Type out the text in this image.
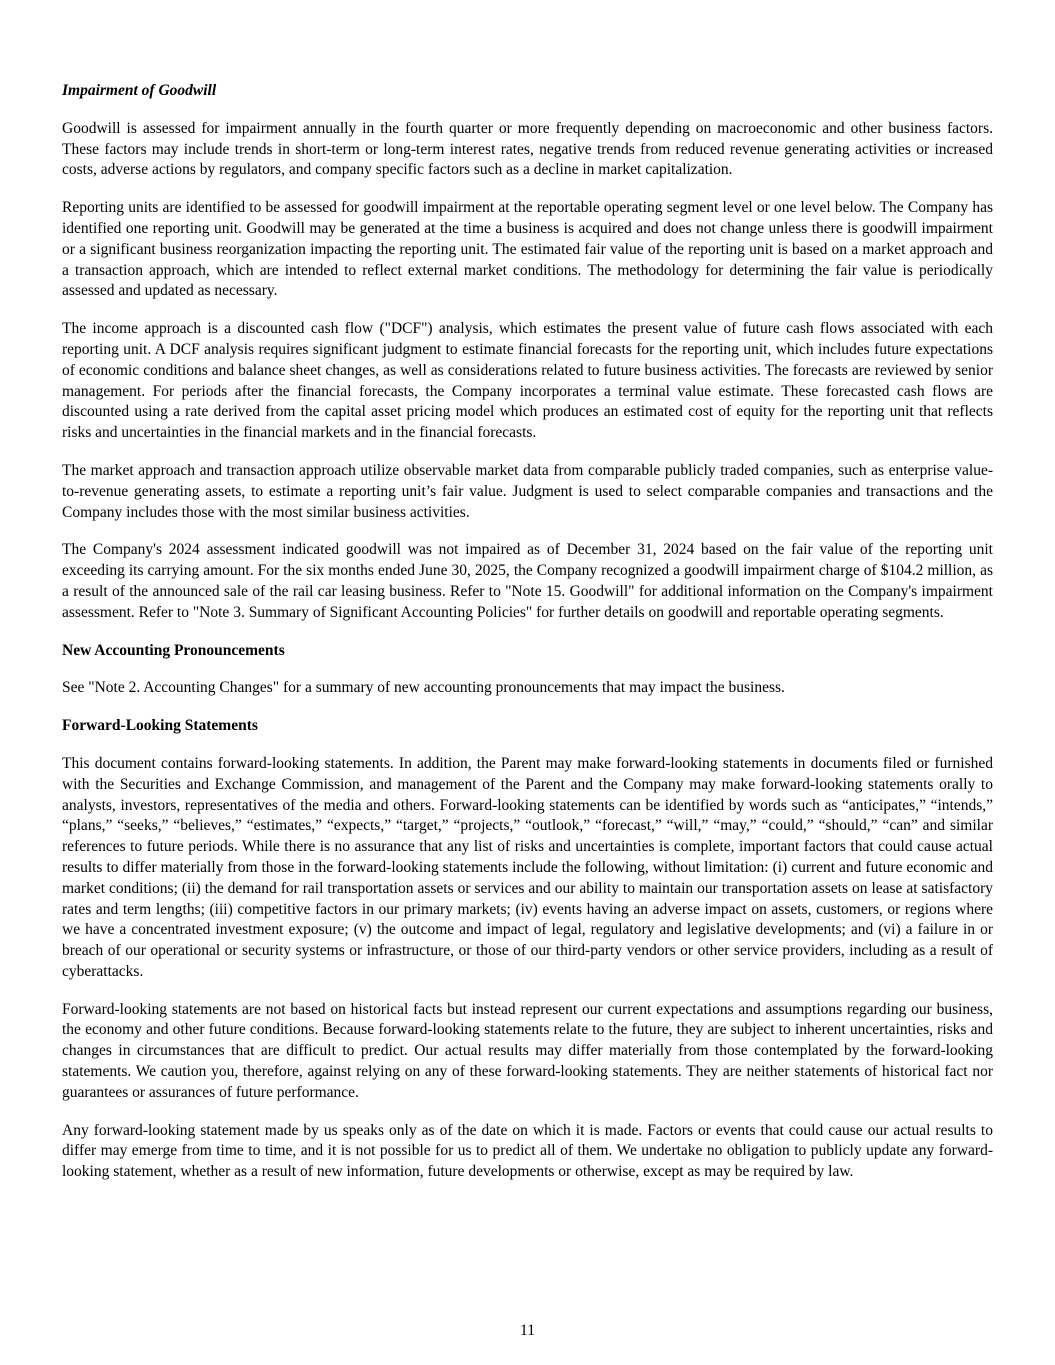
Impairment of Goodwill

Goodwill is assessed for impairment annually in the fourth quarter or more frequently depending on macroeconomic and other business factors. These factors may include trends in short-term or long-term interest rates, negative trends from reduced revenue generating activities or increased costs, adverse actions by regulators, and company specific factors such as a decline in market capitalization.

Reporting units are identified to be assessed for goodwill impairment at the reportable operating segment level or one level below. The Company has identified one reporting unit. Goodwill may be generated at the time a business is acquired and does not change unless there is goodwill impairment or a significant business reorganization impacting the reporting unit. The estimated fair value of the reporting unit is based on a market approach and a transaction approach, which are intended to reflect external market conditions. The methodology for determining the fair value is periodically assessed and updated as necessary.

The income approach is a discounted cash flow ("DCF") analysis, which estimates the present value of future cash flows associated with each reporting unit. A DCF analysis requires significant judgment to estimate financial forecasts for the reporting unit, which includes future expectations of economic conditions and balance sheet changes, as well as considerations related to future business activities. The forecasts are reviewed by senior management. For periods after the financial forecasts, the Company incorporates a terminal value estimate. These forecasted cash flows are discounted using a rate derived from the capital asset pricing model which produces an estimated cost of equity for the reporting unit that reflects risks and uncertainties in the financial markets and in the financial forecasts.

The market approach and transaction approach utilize observable market data from comparable publicly traded companies, such as enterprise value-to-revenue generating assets, to estimate a reporting unit’s fair value. Judgment is used to select comparable companies and transactions and the Company includes those with the most similar business activities.

The Company's 2024 assessment indicated goodwill was not impaired as of December 31, 2024 based on the fair value of the reporting unit exceeding its carrying amount. For the six months ended June 30, 2025, the Company recognized a goodwill impairment charge of $104.2 million, as a result of the announced sale of the rail car leasing business. Refer to "Note 15. Goodwill" for additional information on the Company's impairment assessment. Refer to "Note 3. Summary of Significant Accounting Policies" for further details on goodwill and reportable operating segments.

New Accounting Pronouncements

See "Note 2. Accounting Changes" for a summary of new accounting pronouncements that may impact the business.

Forward-Looking Statements

This document contains forward-looking statements. In addition, the Parent may make forward-looking statements in documents filed or furnished with the Securities and Exchange Commission, and management of the Parent and the Company may make forward-looking statements orally to analysts, investors, representatives of the media and others. Forward-looking statements can be identified by words such as “anticipates,” “intends,” “plans,” “seeks,” “believes,” “estimates,” “expects,” “target,” “projects,” “outlook,” “forecast,” “will,” “may,” “could,” “should,” “can” and similar references to future periods. While there is no assurance that any list of risks and uncertainties is complete, important factors that could cause actual results to differ materially from those in the forward-looking statements include the following, without limitation: (i) current and future economic and market conditions; (ii) the demand for rail transportation assets or services and our ability to maintain our transportation assets on lease at satisfactory rates and term lengths; (iii) competitive factors in our primary markets; (iv) events having an adverse impact on assets, customers, or regions where we have a concentrated investment exposure; (v) the outcome and impact of legal, regulatory and legislative developments; and (vi) a failure in or breach of our operational or security systems or infrastructure, or those of our third-party vendors or other service providers, including as a result of cyberattacks.

Forward-looking statements are not based on historical facts but instead represent our current expectations and assumptions regarding our business, the economy and other future conditions. Because forward-looking statements relate to the future, they are subject to inherent uncertainties, risks and changes in circumstances that are difficult to predict. Our actual results may differ materially from those contemplated by the forward-looking statements. We caution you, therefore, against relying on any of these forward-looking statements. They are neither statements of historical fact nor guarantees or assurances of future performance.

Any forward-looking statement made by us speaks only as of the date on which it is made. Factors or events that could cause our actual results to differ may emerge from time to time, and it is not possible for us to predict all of them. We undertake no obligation to publicly update any forward-looking statement, whether as a result of new information, future developments or otherwise, except as may be required by law.

11
